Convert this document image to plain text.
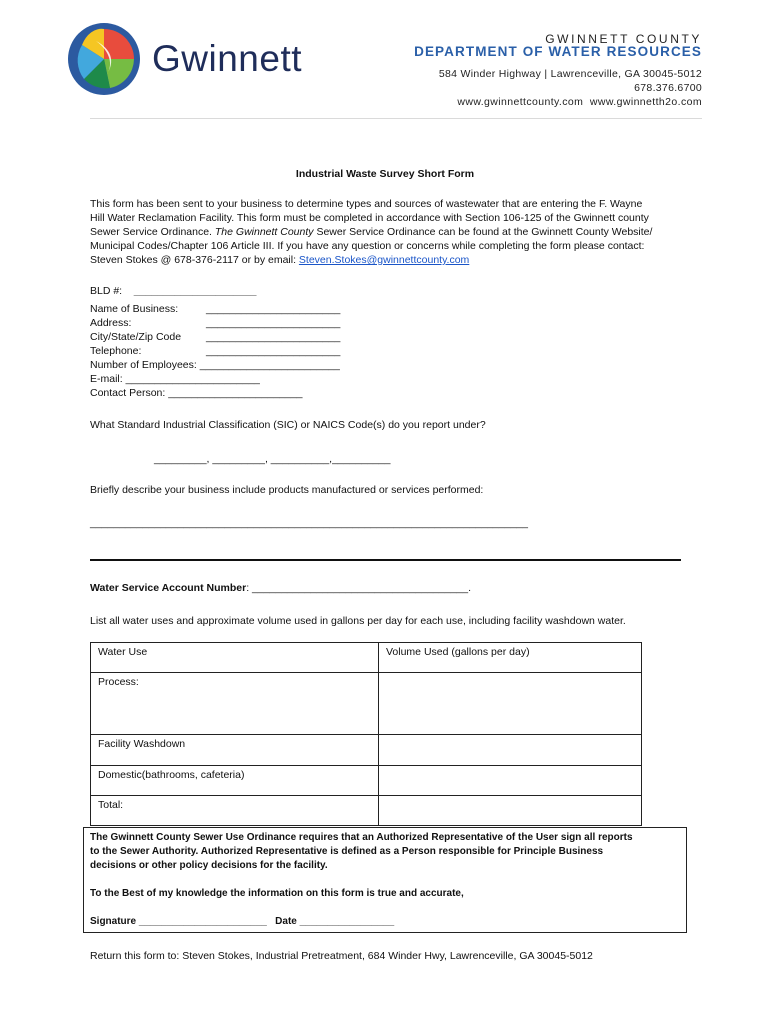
Gwinnett	GWINNETT COUNTY
DEPARTMENT OF WATER RESOURCES
584 Winder Highway | Lawrenceville, GA 30045-5012
678.376.6700
www.gwinnettcounty.com www.gwinnetth2o.com
Industrial Waste Survey Short Form

This form has been sent to your business to determine types and sources of wastewater that are entering the F. Wayne

Hill Water Reclamation Facility. This form must be completed in accordance with Section 106-125 of the Gwinnett county

Sewer Service Ordinance. The Gwinnett County Sewer Service Ordinance can be found at the Gwinnett County Website/

Municipal Codes/Chapter 106 Article III. If you have any question or concerns while completing the form please contact:

Steven Stokes @ 678-376-2117 or by email: Steven.Stokes@gwinnettcounty.com

BLD #: _____________________
Name of Business:	_______________________
Address:	_______________________
City/State/Zip Code _______________________
Telephone:	_______________________
Number of Employees: ________________________
E-mail: _______________________
Contact Person: _______________________
What Standard Industrial Classification (SIC) or NAICS Code(s) do you report under?
_________, _________, __________,__________
Briefly describe your business include products manufactured or services performed:
___________________________________________________________________________
Water Service Account Number: _____________________________________.
List all water uses and approximate volume used in gallons per day for each use, including facility washdown water.
Water Use	Volume Used (gallons per day)
Process:	
Facility Washdown	
Domestic(bathrooms, cafeteria)	
Total:	

The Gwinnett County Sewer Use Ordinance requires that an Authorized Representative of the User sign all reports

to the Sewer Authority. Authorized Representative is defined as a Person responsible for Principle Business

decisions or other policy decisions for the facility.

To the Best of my knowledge the information on this form is true and accurate,

Signature _______________________ Date _________________

Return this form to: Steven Stokes, Industrial Pretreatment, 684 Winder Hwy, Lawrenceville, GA 30045-5012
